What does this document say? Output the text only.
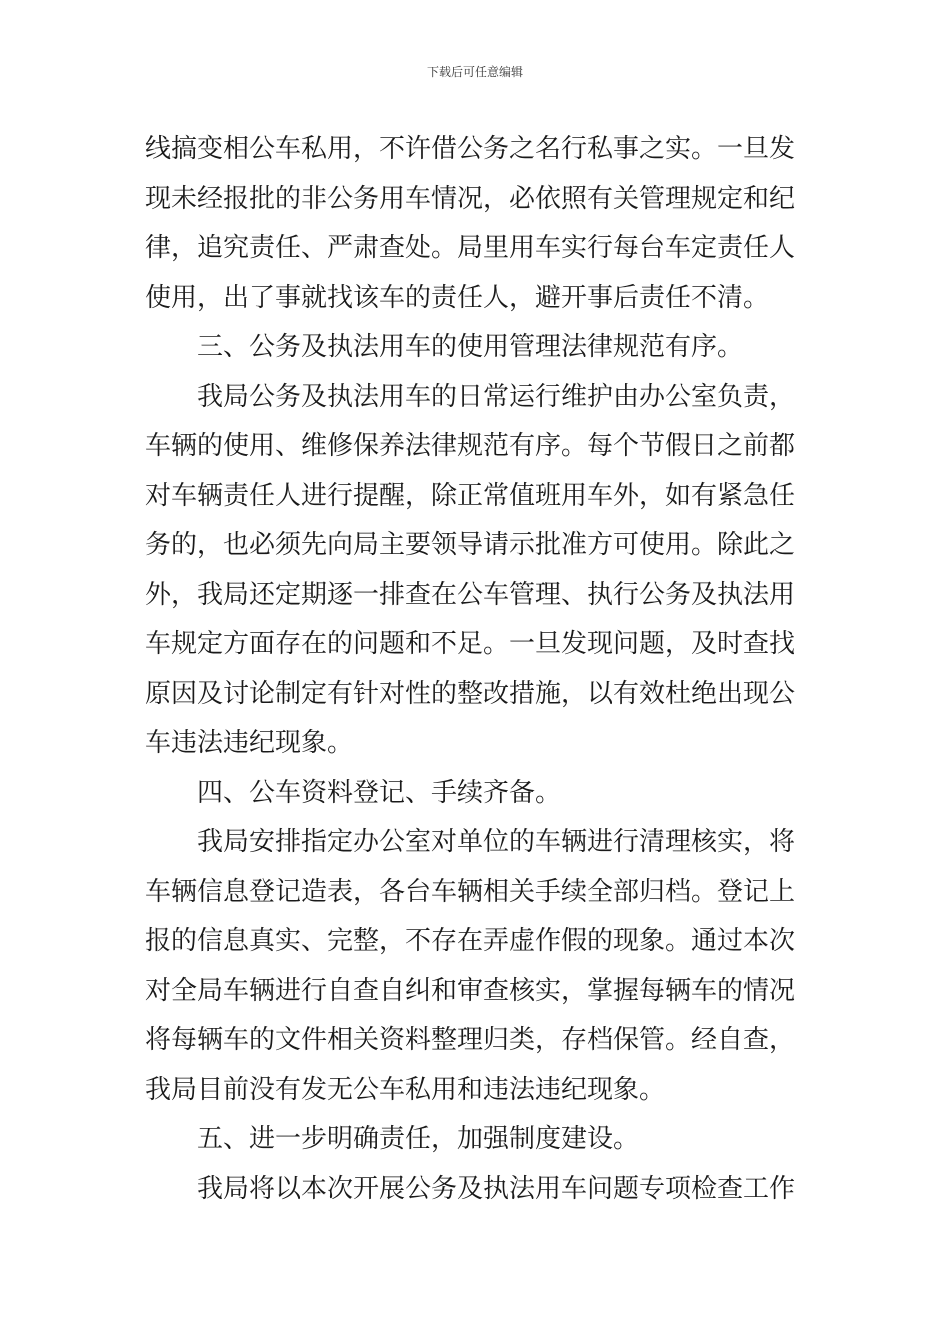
下载后可任意编辑
线搞变相公车私用，不许借公务之名行私事之实。一旦发
现未经报批的非公务用车情况，必依照有关管理规定和纪
律，追究责任、严肃查处。局里用车实行每台车定责任人
使用，出了事就找该车的责任人，避开事后责任不清。
三、公务及执法用车的使用管理法律规范有序。
我局公务及执法用车的日常运行维护由办公室负责，
车辆的使用、维修保养法律规范有序。每个节假日之前都
对车辆责任人进行提醒，除正常值班用车外，如有紧急任
务的，也必须先向局主要领导请示批准方可使用。除此之
外，我局还定期逐一排查在公车管理、执行公务及执法用
车规定方面存在的问题和不足。一旦发现问题，及时查找
原因及讨论制定有针对性的整改措施，以有效杜绝出现公
车违法违纪现象。
四、公车资料登记、手续齐备。
我局安排指定办公室对单位的车辆进行清理核实，将
车辆信息登记造表，各台车辆相关手续全部归档。登记上
报的信息真实、完整，不存在弄虚作假的现象。通过本次
对全局车辆进行自查自纠和审查核实，掌握每辆车的情况
将每辆车的文件相关资料整理归类，存档保管。经自查，
我局目前没有发无公车私用和违法违纪现象。
五、进一步明确责任，加强制度建设。
我局将以本次开展公务及执法用车问题专项检查工作
